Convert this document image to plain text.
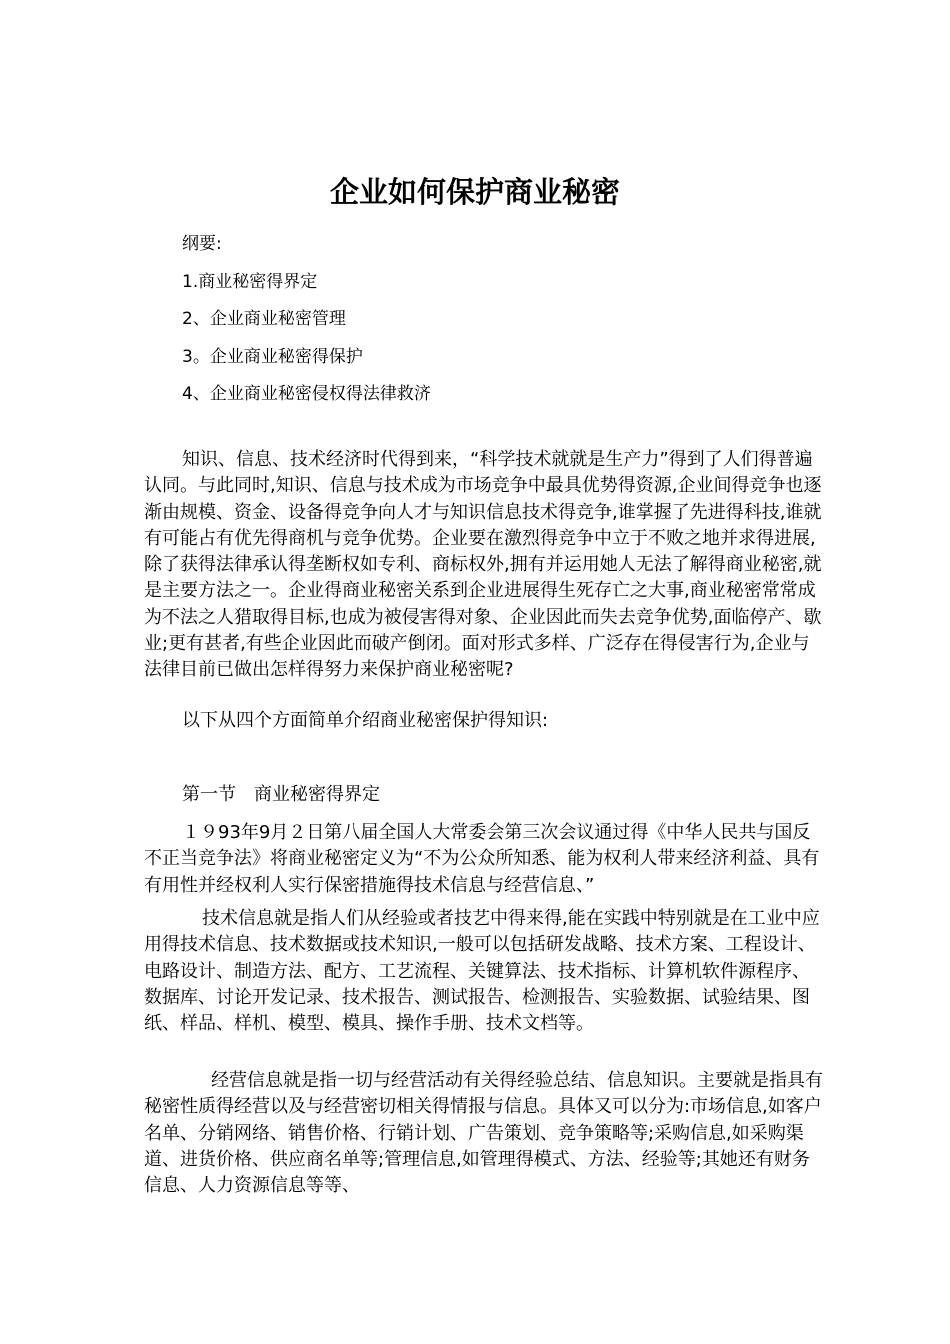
企业如何保护商业秘密
纲要:
1.商业秘密得界定
2、企业商业秘密管理
3。企业商业秘密得保护
4、企业商业秘密侵权得法律救济

知识、信息、技术经济时代得到来，“科学技术就就是生产力”得到了人们得普遍认同。与此同时,知识、信息与技术成为市场竞争中最具优势得资源,企业间得竞争也逐渐由规模、资金、设备得竞争向人才与知识信息技术得竞争,谁掌握了先进得科技,谁就有可能占有优先得商机与竞争优势。企业要在激烈得竞争中立于不败之地并求得进展,除了获得法律承认得垄断权如专利、商标权外,拥有并运用她人无法了解得商业秘密,就是主要方法之一。企业得商业秘密关系到企业进展得生死存亡之大事,商业秘密常常成为不法之人猎取得目标,也成为被侵害得对象、企业因此而失去竞争优势,面临停产、歇业;更有甚者,有些企业因此而破产倒闭。面对形式多样、广泛存在得侵害行为,企业与法律目前已做出怎样得努力来保护商业秘密呢?

以下从四个方面简单介绍商业秘密保护得知识:

第一节 商业秘密得界定

１９93年9月２日第八届全国人大常委会第三次会议通过得《中华人民共与国反不正当竞争法》将商业秘密定义为“不为公众所知悉、能为权利人带来经济利益、具有有用性并经权利人实行保密措施得技术信息与经营信息、”

技术信息就是指人们从经验或者技艺中得来得,能在实践中特别就是在工业中应用得技术信息、技术数据或技术知识,一般可以包括研发战略、技术方案、工程设计、电路设计、制造方法、配方、工艺流程、关键算法、技术指标、计算机软件源程序、数据库、讨论开发记录、技术报告、测试报告、检测报告、实验数据、试验结果、图纸、样品、样机、模型、模具、操作手册、技术文档等。

经营信息就是指一切与经营活动有关得经验总结、信息知识。主要就是指具有秘密性质得经营以及与经营密切相关得情报与信息。具体又可以分为:市场信息,如客户名单、分销网络、销售价格、行销计划、广告策划、竞争策略等;采购信息,如采购渠道、进货价格、供应商名单等;管理信息,如管理得模式、方法、经验等;其她还有财务信息、人力资源信息等等、
